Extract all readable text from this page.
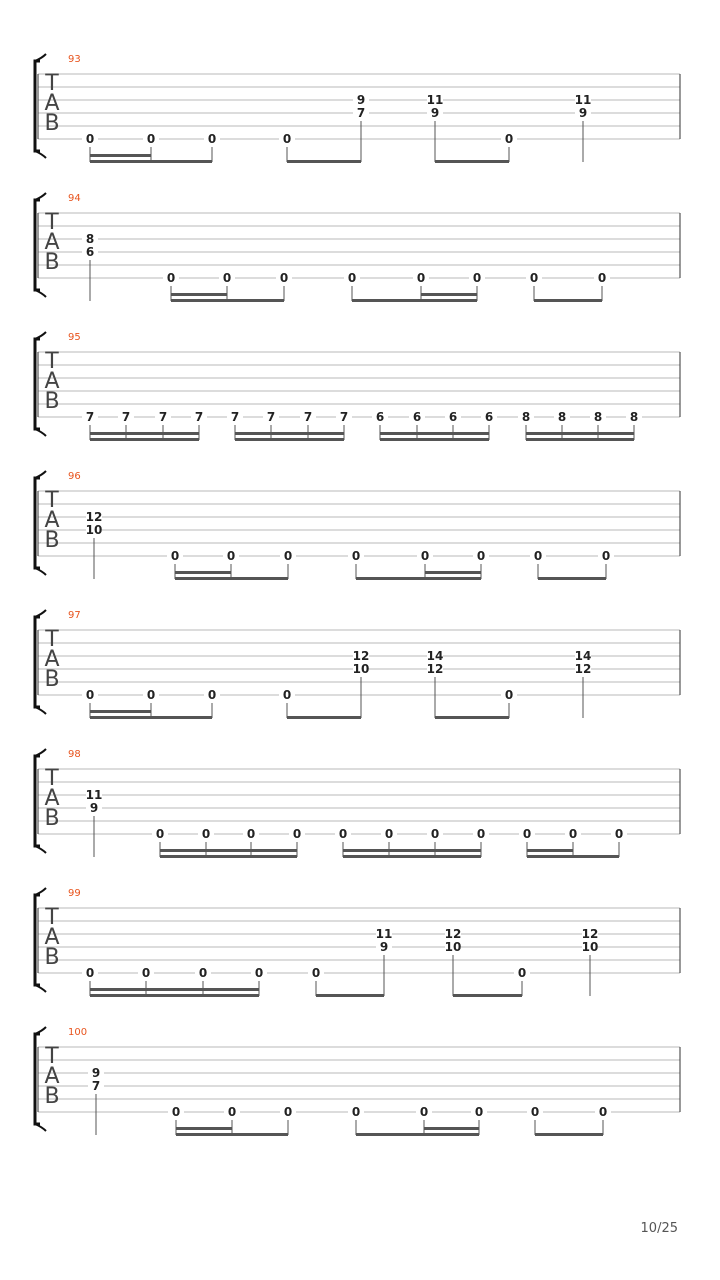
93
T
A
B
0	0	0	0
9
7
11
9
0
11
9
94
T
A
B
8
6
0	0	0	0	0	0	0	0
95
T
A
B
7 7 7 7 7 7 7 7 6 6 6 6 8 8 8 8
96
T
A
B
12
10
0	0	0	0	0	0	0	0
97
T
A
B
0	0	0	0
12
10
14
12
0
14
12
98
T
A
B
11
9
0	0	0	0	0	0	0	0	0	0	0
99
T
A
B
0	0	0	0	0
11
9
12
10
0
12
10
100
T
A
B
9
7
0	0	0	0	0	0	0	0
10/25
